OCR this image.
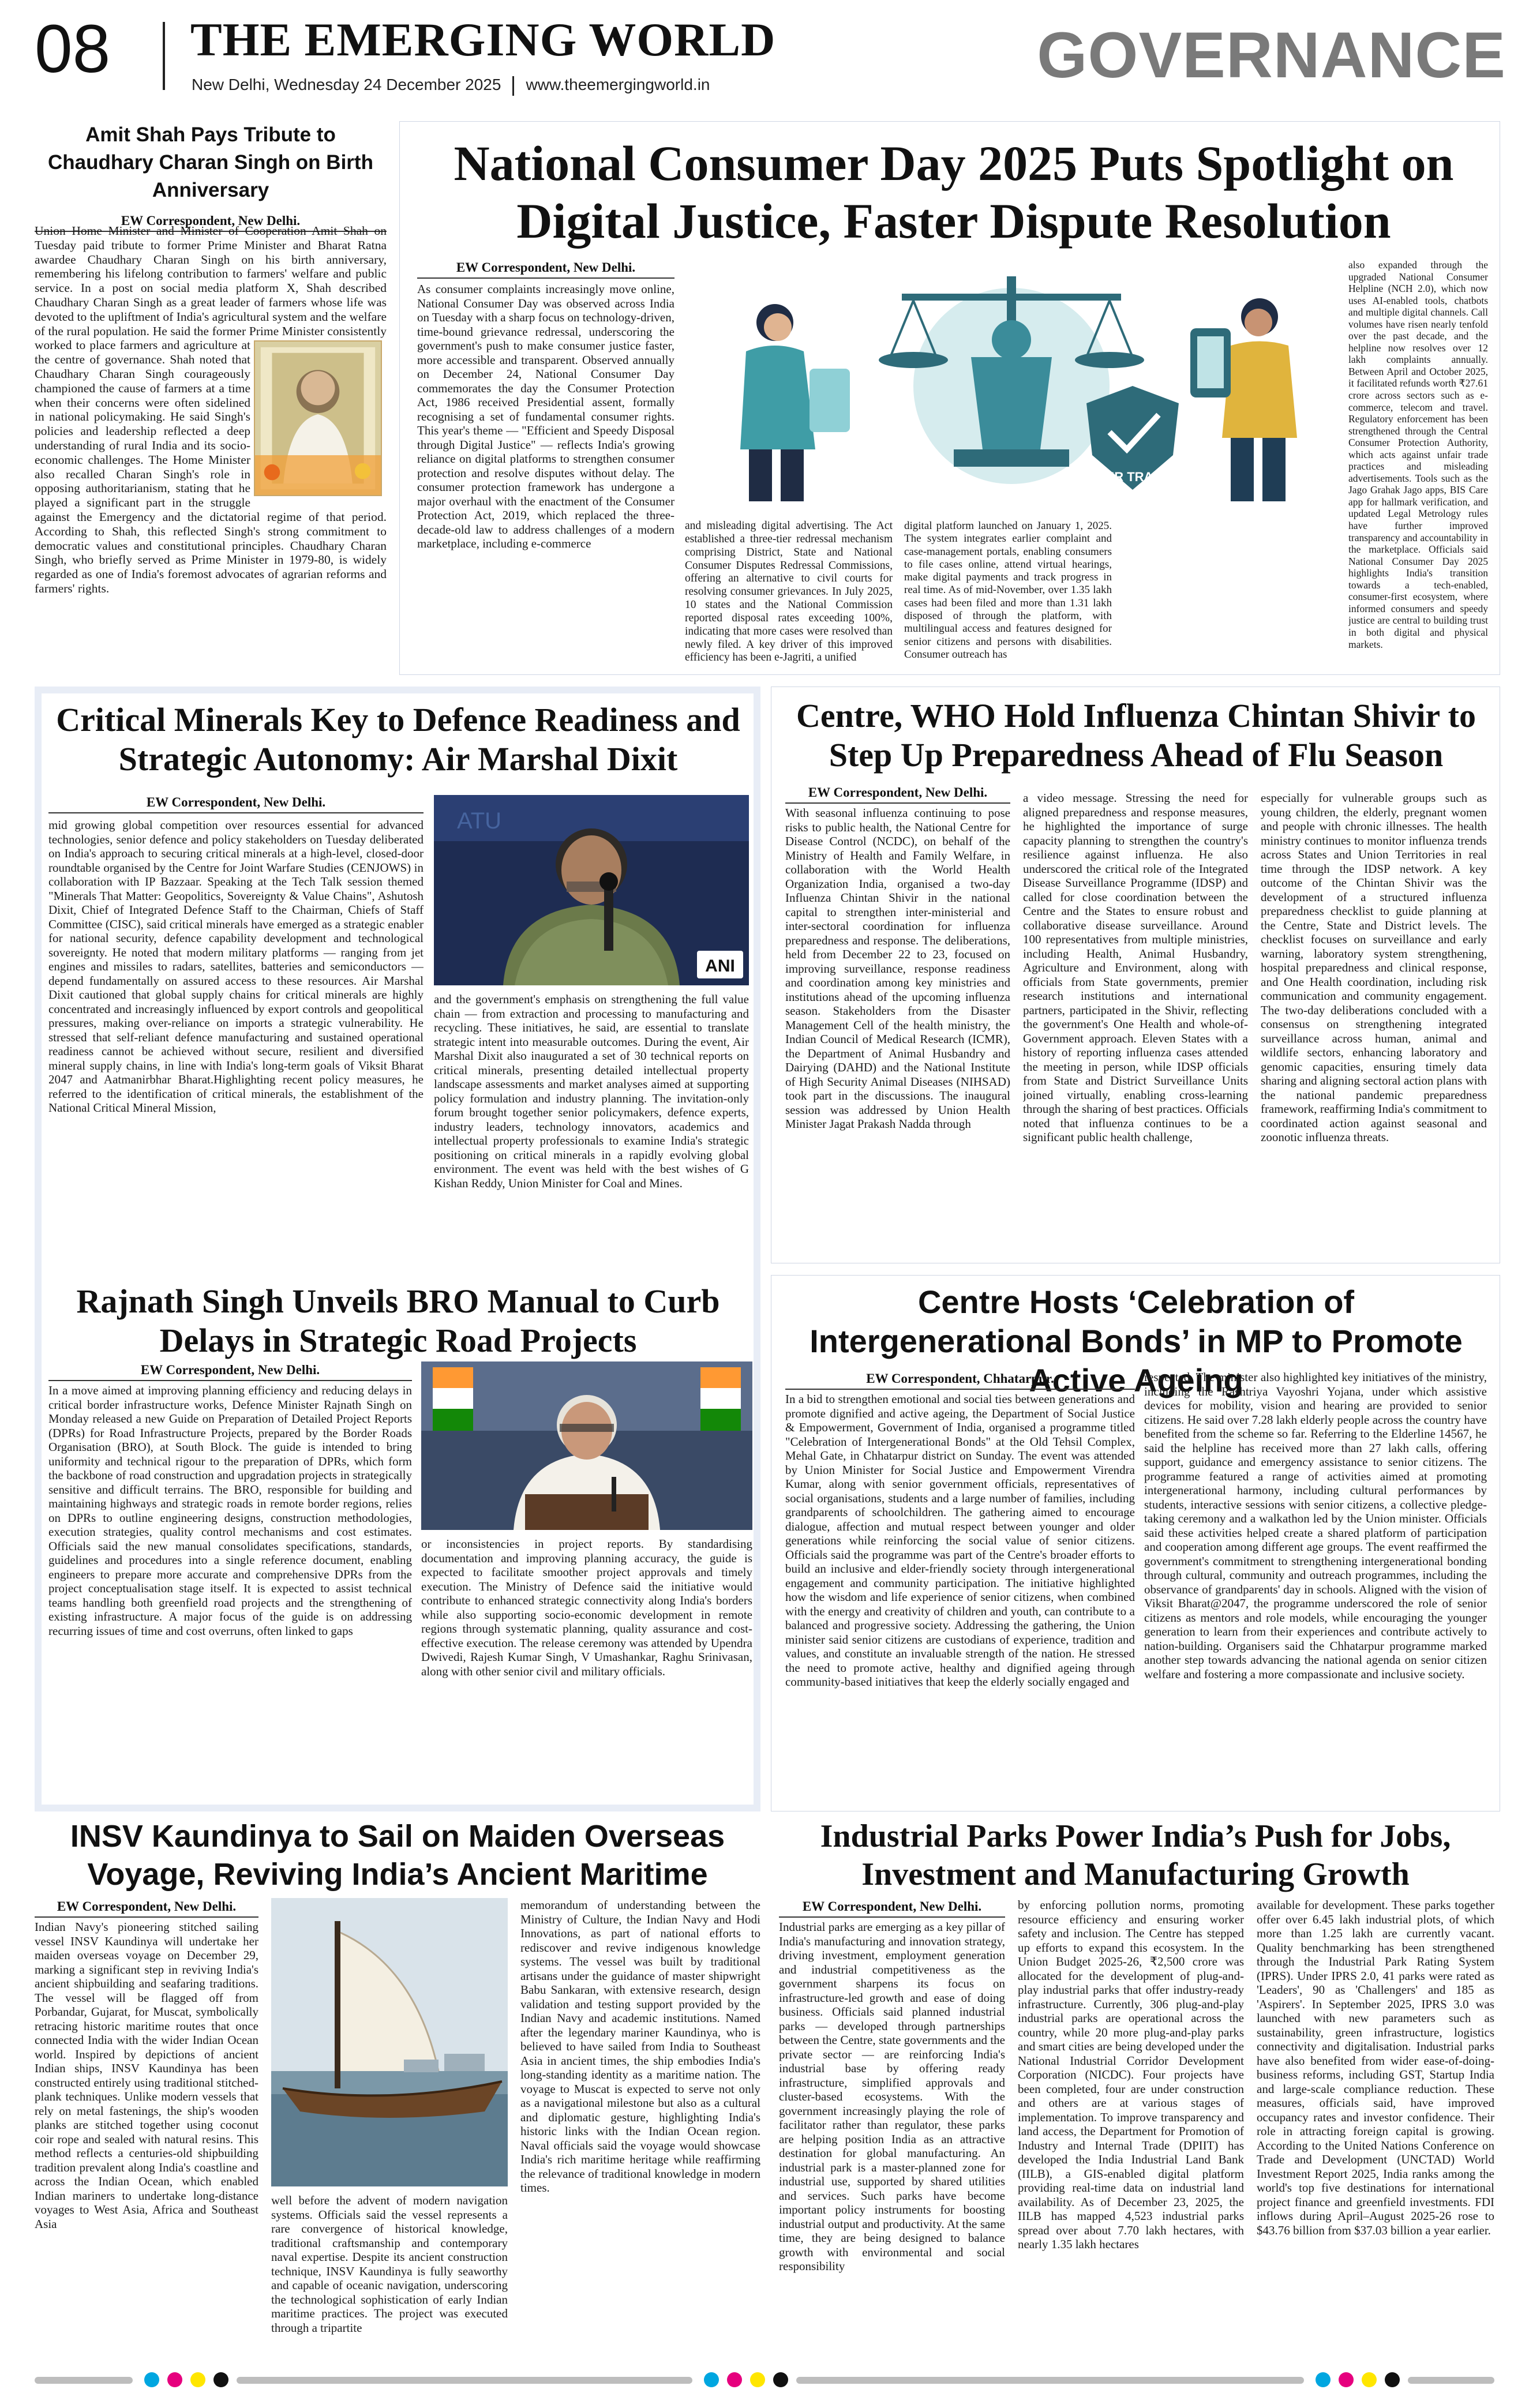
08 THE EMERGING WORLD
New Delhi, Wednesday 24 December 2025 www.theemergingworld.in	GOVERNANCE
Amit Shah Pays Tribute to Chaudhary Charan Singh on Birth Anniversary
EW Correspondent, New Delhi.

Union Home Minister and Minister of Cooperation Amit Shah on Tuesday paid tribute to former Prime Minister and Bharat Ratna awardee Chaudhary Charan Singh on his birth anniversary, remembering his lifelong contribution to farmers' welfare and public service. In a post on social media platform X, Shah described Chaudhary Charan Singh as a great leader of farmers whose life was devoted to the upliftment of India's agricultural system and the welfare of the rural population. He said the former Prime Minister consistently worked to place farmers and agriculture at the centre of governance. Shah noted that Chaudhary Charan Singh courageously championed the cause of farmers at a time when their concerns were often sidelined in national policymaking. He said Singh's policies and leadership reflected a deep understanding of rural India and its socio-economic challenges. The Home Minister also recalled Charan Singh's role in opposing authoritarianism, stating that he played a significant part in the struggle against the Emergency and the dictatorial regime of that period. According to Shah, this reflected Singh's strong commitment to democratic values and constitutional principles. Chaudhary Charan Singh, who briefly served as Prime Minister in 1979-80, is widely regarded as one of India's foremost advocates of agrarian reforms and farmers' rights.

National Consumer Day 2025 Puts Spotlight on Digital Justice, Faster Dispute Resolution
EW Correspondent, New Delhi.
FAIR TRADE

As consumer complaints increasingly move online, National Consumer Day was observed across India on Tuesday with a sharp focus on technology-driven, time-bound grievance redressal, underscoring the government's push to make consumer justice faster, more accessible and transparent. Observed annually on December 24, National Consumer Day commemorates the day the Consumer Protection Act, 1986 received Presidential assent, formally recognising a set of fundamental consumer rights. This year's theme — "Efficient and Speedy Disposal through Digital Justice" — reflects India's growing reliance on digital platforms to strengthen consumer protection and resolve disputes without delay. The consumer protection framework has undergone a major overhaul with the enactment of the Consumer Protection Act, 2019, which replaced the three-decade-old law to address challenges of a modern marketplace, including e-commerce

and misleading digital advertising. The Act established a three-tier redressal mechanism comprising District, State and National Consumer Disputes Redressal Commissions, offering an alternative to civil courts for resolving consumer grievances. In July 2025, 10 states and the National Commission reported disposal rates exceeding 100%, indicating that more cases were resolved than newly filed. A key driver of this improved efficiency has been e-Jagriti, a unified

digital platform launched on January 1, 2025. The system integrates earlier complaint and case-management portals, enabling consumers to file cases online, attend virtual hearings, make digital payments and track progress in real time. As of mid-November, over 1.35 lakh cases had been filed and more than 1.31 lakh disposed of through the platform, with multilingual access and features designed for senior citizens and persons with disabilities. Consumer outreach has

also expanded through the upgraded National Consumer Helpline (NCH 2.0), which now uses AI-enabled tools, chatbots and multiple digital channels. Call volumes have risen nearly tenfold over the past decade, and the helpline now resolves over 12 lakh complaints annually. Between April and October 2025, it facilitated refunds worth ₹27.61 crore across sectors such as e-commerce, telecom and travel. Regulatory enforcement has been strengthened through the Central Consumer Protection Authority, which acts against unfair trade practices and misleading advertisements. Tools such as the Jago Grahak Jago apps, BIS Care app for hallmark verification, and updated Legal Metrology rules have further improved transparency and accountability in the marketplace. Officials said National Consumer Day 2025 highlights India's transition towards a tech-enabled, consumer-first ecosystem, where informed consumers and speedy justice are central to building trust in both digital and physical markets.

Critical Minerals Key to Defence Readiness and Strategic Autonomy: Air Marshal Dixit
EW Correspondent, New Delhi.
ATU
ANI

mid growing global competition over resources essential for advanced technologies, senior defence and policy stakeholders on Tuesday deliberated on India's approach to securing critical minerals at a high-level, closed-door roundtable organised by the Centre for Joint Warfare Studies (CENJOWS) in collaboration with IP Bazzaar. Speaking at the Tech Talk session themed "Minerals That Matter: Geopolitics, Sovereignty & Value Chains", Ashutosh Dixit, Chief of Integrated Defence Staff to the Chairman, Chiefs of Staff Committee (CISC), said critical minerals have emerged as a strategic enabler for national security, defence capability development and technological sovereignty. He noted that modern military platforms — ranging from jet engines and missiles to radars, satellites, batteries and semiconductors — depend fundamentally on assured access to these resources. Air Marshal Dixit cautioned that global supply chains for critical minerals are highly concentrated and increasingly influenced by export controls and geopolitical pressures, making over-reliance on imports a strategic vulnerability. He stressed that self-reliant defence manufacturing and sustained operational readiness cannot be achieved without secure, resilient and diversified mineral supply chains, in line with India's long-term goals of Viksit Bharat 2047 and Aatmanirbhar Bharat.Highlighting recent policy measures, he referred to the identification of critical minerals, the establishment of the National Critical Mineral Mission,

and the government's emphasis on strengthening the full value chain — from extraction and processing to manufacturing and recycling. These initiatives, he said, are essential to translate strategic intent into measurable outcomes. During the event, Air Marshal Dixit also inaugurated a set of 30 technical reports on critical minerals, presenting detailed intellectual property landscape assessments and market analyses aimed at supporting policy formulation and industry planning. The invitation-only forum brought together senior policymakers, defence experts, industry leaders, technology innovators, academics and intellectual property professionals to examine India's strategic positioning on critical minerals in a rapidly evolving global environment. The event was held with the best wishes of G Kishan Reddy, Union Minister for Coal and Mines.

Centre, WHO Hold Influenza Chintan Shivir to Step Up Preparedness Ahead of Flu Season
EW Correspondent, New Delhi.

With seasonal influenza continuing to pose risks to public health, the National Centre for Disease Control (NCDC), on behalf of the Ministry of Health and Family Welfare, in collaboration with the World Health Organization India, organised a two-day Influenza Chintan Shivir in the national capital to strengthen inter-ministerial and inter-sectoral coordination for influenza preparedness and response. The deliberations, held from December 22 to 23, focused on improving surveillance, response readiness and coordination among key ministries and institutions ahead of the upcoming influenza season. Stakeholders from the Disaster Management Cell of the health ministry, the Indian Council of Medical Research (ICMR), the Department of Animal Husbandry and Dairying (DAHD) and the National Institute of High Security Animal Diseases (NIHSAD) took part in the discussions. The inaugural session was addressed by Union Health Minister Jagat Prakash Nadda through

a video message. Stressing the need for aligned preparedness and response measures, he highlighted the importance of surge capacity planning to strengthen the country's resilience against influenza. He also underscored the critical role of the Integrated Disease Surveillance Programme (IDSP) and called for close coordination between the Centre and the States to ensure robust and collaborative disease surveillance. Around 100 representatives from multiple ministries, including Health, Animal Husbandry, Agriculture and Environment, along with officials from State governments, premier research institutions and international partners, participated in the Shivir, reflecting the government's One Health and whole-of-Government approach. Eleven States with a history of reporting influenza cases attended the meeting in person, while IDSP officials from State and District Surveillance Units joined virtually, enabling cross-learning through the sharing of best practices. Officials noted that influenza continues to be a significant public health challenge,

especially for vulnerable groups such as young children, the elderly, pregnant women and people with chronic illnesses. The health ministry continues to monitor influenza trends across States and Union Territories in real time through the IDSP network. A key outcome of the Chintan Shivir was the development of a structured influenza preparedness checklist to guide planning at the Centre, State and District levels. The checklist focuses on surveillance and early warning, laboratory system strengthening, hospital preparedness and clinical response, and One Health coordination, including risk communication and community engagement. The two-day deliberations concluded with a consensus on strengthening integrated surveillance across human, animal and wildlife sectors, enhancing laboratory and genomic capacities, ensuring timely data sharing and aligning sectoral action plans with the national pandemic preparedness framework, reaffirming India's commitment to coordinated action against seasonal and zoonotic influenza threats.

Rajnath Singh Unveils BRO Manual to Curb Delays in Strategic Road Projects
EW Correspondent, New Delhi.

In a move aimed at improving planning efficiency and reducing delays in critical border infrastructure works, Defence Minister Rajnath Singh on Monday released a new Guide on Preparation of Detailed Project Reports (DPRs) for Road Infrastructure Projects, prepared by the Border Roads Organisation (BRO), at South Block. The guide is intended to bring uniformity and technical rigour to the preparation of DPRs, which form the backbone of road construction and upgradation projects in strategically sensitive and difficult terrains. The BRO, responsible for building and maintaining highways and strategic roads in remote border regions, relies on DPRs to outline engineering designs, construction methodologies, execution strategies, quality control mechanisms and cost estimates. Officials said the new manual consolidates specifications, standards, guidelines and procedures into a single reference document, enabling engineers to prepare more accurate and comprehensive DPRs from the project conceptualisation stage itself. It is expected to assist technical teams handling both greenfield road projects and the strengthening of existing infrastructure. A major focus of the guide is on addressing recurring issues of time and cost overruns, often linked to gaps

or inconsistencies in project reports. By standardising documentation and improving planning accuracy, the guide is expected to facilitate smoother project approvals and timely execution. The Ministry of Defence said the initiative would contribute to enhanced strategic connectivity along India's borders while also supporting socio-economic development in remote regions through systematic planning, quality assurance and cost-effective execution. The release ceremony was attended by Upendra Dwivedi, Rajesh Kumar Singh, V Umashankar, Raghu Srinivasan, along with other senior civil and military officials.

Centre Hosts ‘Celebration of Intergenerational Bonds’ in MP to Promote Active Ageing
EW Correspondent, Chhatarpur.

In a bid to strengthen emotional and social ties between generations and promote dignified and active ageing, the Department of Social Justice & Empowerment, Government of India, organised a programme titled "Celebration of Intergenerational Bonds" at the Old Tehsil Complex, Mehal Gate, in Chhatarpur district on Sunday. The event was attended by Union Minister for Social Justice and Empowerment Virendra Kumar, along with senior government officials, representatives of social organisations, students and a large number of families, including grandparents of schoolchildren. The gathering aimed to encourage dialogue, affection and mutual respect between younger and older generations while reinforcing the social value of senior citizens. Officials said the programme was part of the Centre's broader efforts to build an inclusive and elder-friendly society through intergenerational engagement and community participation. The initiative highlighted how the wisdom and life experience of senior citizens, when combined with the energy and creativity of children and youth, can contribute to a balanced and progressive society. Addressing the gathering, the Union minister said senior citizens are custodians of experience, tradition and values, and constitute an invaluable strength of the nation. He stressed the need to promote active, healthy and dignified ageing through community-based initiatives that keep the elderly socially engaged and

respected. The minister also highlighted key initiatives of the ministry, including the Rashtriya Vayoshri Yojana, under which assistive devices for mobility, vision and hearing are provided to senior citizens. He said over 7.28 lakh elderly people across the country have benefited from the scheme so far. Referring to the Elderline 14567, he said the helpline has received more than 27 lakh calls, offering support, guidance and emergency assistance to senior citizens. The programme featured a range of activities aimed at promoting intergenerational harmony, including cultural performances by students, interactive sessions with senior citizens, a collective pledge-taking ceremony and a walkathon led by the Union minister. Officials said these activities helped create a shared platform of participation and cooperation among different age groups. The event reaffirmed the government's commitment to strengthening intergenerational bonding through cultural, community and outreach programmes, including the observance of grandparents' day in schools. Aligned with the vision of Viksit Bharat@2047, the programme underscored the role of senior citizens as mentors and role models, while encouraging the younger generation to learn from their experiences and contribute actively to nation-building. Organisers said the Chhatarpur programme marked another step towards advancing the national agenda on senior citizen welfare and fostering a more compassionate and inclusive society.

INSV Kaundinya to Sail on Maiden Overseas Voyage, Reviving India’s Ancient Maritime
EW Correspondent, New Delhi.

Indian Navy's pioneering stitched sailing vessel INSV Kaundinya will undertake her maiden overseas voyage on December 29, marking a significant step in reviving India's ancient shipbuilding and seafaring traditions. The vessel will be flagged off from Porbandar, Gujarat, for Muscat, symbolically retracing historic maritime routes that once connected India with the wider Indian Ocean world. Inspired by depictions of ancient Indian ships, INSV Kaundinya has been constructed entirely using traditional stitched-plank techniques. Unlike modern vessels that rely on metal fastenings, the ship's wooden planks are stitched together using coconut coir rope and sealed with natural resins. This method reflects a centuries-old shipbuilding tradition prevalent along India's coastline and across the Indian Ocean, which enabled Indian mariners to undertake long-distance voyages to West Asia, Africa and Southeast Asia

well before the advent of modern navigation systems. Officials said the vessel represents a rare convergence of historical knowledge, traditional craftsmanship and contemporary naval expertise. Despite its ancient construction technique, INSV Kaundinya is fully seaworthy and capable of oceanic navigation, underscoring the technological sophistication of early Indian maritime practices. The project was executed through a tripartite

memorandum of understanding between the Ministry of Culture, the Indian Navy and Hodi Innovations, as part of national efforts to rediscover and revive indigenous knowledge systems. The vessel was built by traditional artisans under the guidance of master shipwright Babu Sankaran, with extensive research, design validation and testing support provided by the Indian Navy and academic institutions. Named after the legendary mariner Kaundinya, who is believed to have sailed from India to Southeast Asia in ancient times, the ship embodies India's long-standing identity as a maritime nation. The voyage to Muscat is expected to serve not only as a navigational milestone but also as a cultural and diplomatic gesture, highlighting India's historic links with the Indian Ocean region. Naval officials said the voyage would showcase India's rich maritime heritage while reaffirming the relevance of traditional knowledge in modern times.

Industrial Parks Power India’s Push for Jobs, Investment and Manufacturing Growth
EW Correspondent, New Delhi.

Industrial parks are emerging as a key pillar of India's manufacturing and innovation strategy, driving investment, employment generation and industrial competitiveness as the government sharpens its focus on infrastructure-led growth and ease of doing business. Officials said planned industrial parks — developed through partnerships between the Centre, state governments and the private sector — are reinforcing India's industrial base by offering ready infrastructure, simplified approvals and cluster-based ecosystems. With the government increasingly playing the role of facilitator rather than regulator, these parks are helping position India as an attractive destination for global manufacturing. An industrial park is a master-planned zone for industrial use, supported by shared utilities and services. Such parks have become important policy instruments for boosting industrial output and productivity. At the same time, they are being designed to balance growth with environmental and social responsibility

by enforcing pollution norms, promoting resource efficiency and ensuring worker safety and inclusion. The Centre has stepped up efforts to expand this ecosystem. In the Union Budget 2025-26, ₹2,500 crore was allocated for the development of plug-and-play industrial parks that offer industry-ready infrastructure. Currently, 306 plug-and-play industrial parks are operational across the country, while 20 more plug-and-play parks and smart cities are being developed under the National Industrial Corridor Development Corporation (NICDC). Four projects have been completed, four are under construction and others are at various stages of implementation. To improve transparency and land access, the Department for Promotion of Industry and Internal Trade (DPIIT) has developed the India Industrial Land Bank (IILB), a GIS-enabled digital platform providing real-time data on industrial land availability. As of December 23, 2025, the IILB has mapped 4,523 industrial parks spread over about 7.70 lakh hectares, with nearly 1.35 lakh hectares

available for development. These parks together offer over 6.45 lakh industrial plots, of which more than 1.25 lakh are currently vacant. Quality benchmarking has been strengthened through the Industrial Park Rating System (IPRS). Under IPRS 2.0, 41 parks were rated as 'Leaders', 90 as 'Challengers' and 185 as 'Aspirers'. In September 2025, IPRS 3.0 was launched with new parameters such as sustainability, green infrastructure, logistics connectivity and digitalisation. Industrial parks have also benefited from wider ease-of-doing-business reforms, including GST, Startup India and large-scale compliance reduction. These measures, officials said, have improved occupancy rates and investor confidence. Their role in attracting foreign capital is growing. According to the United Nations Conference on Trade and Development (UNCTAD) World Investment Report 2025, India ranks among the world's top five destinations for international project finance and greenfield investments. FDI inflows during April–August 2025-26 rose to $43.76 billion from $37.03 billion a year earlier.
